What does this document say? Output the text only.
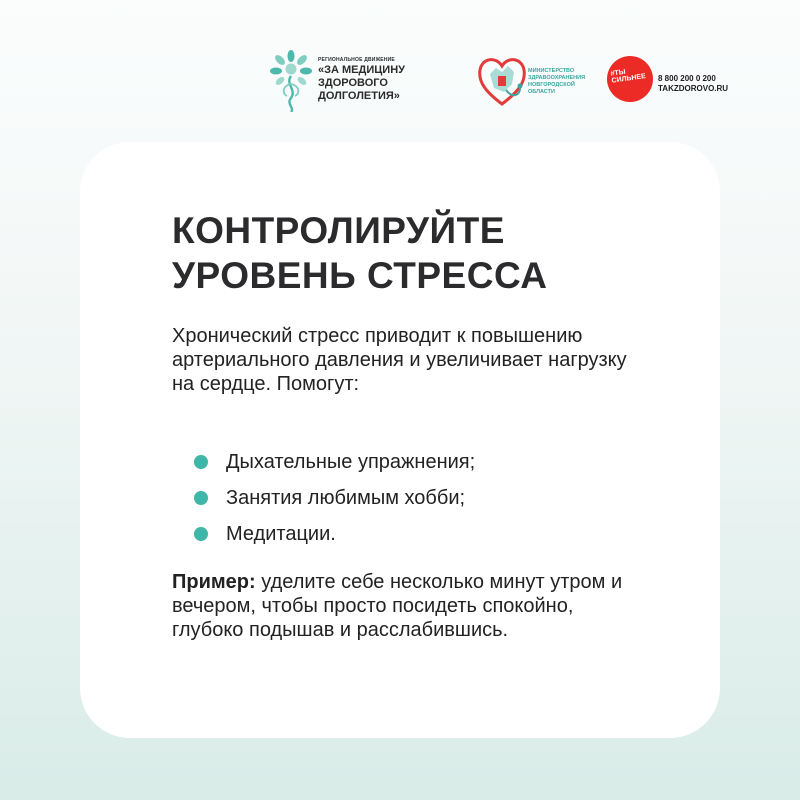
РЕГИОНАЛЬНОЕ ДВИЖЕНИЕ
«ЗА МЕДИЦИНУ ЗДОРОВОГО ДОЛГОЛЕТИЯ»
МИНИСТЕРСТВО ЗДРАВООХРАНЕНИЯ НОВГОРОДСКОЙ ОБЛАСТИ
#ТЫ СИЛЬНЕЕ	8 800 200 0 200
TAKZDOROVO.RU
КОНТРОЛИРУЙТЕ УРОВЕНЬ СТРЕССА

Хронический стресс приводит к повышению артериального давления и увеличивает нагрузку на сердце. Помогут:

Дыхательные упражнения;
Занятия любимым хобби;
Медитации.

Пример: уделите себе несколько минут утром и вечером, чтобы просто посидеть спокойно, глубоко подышав и расслабившись.
